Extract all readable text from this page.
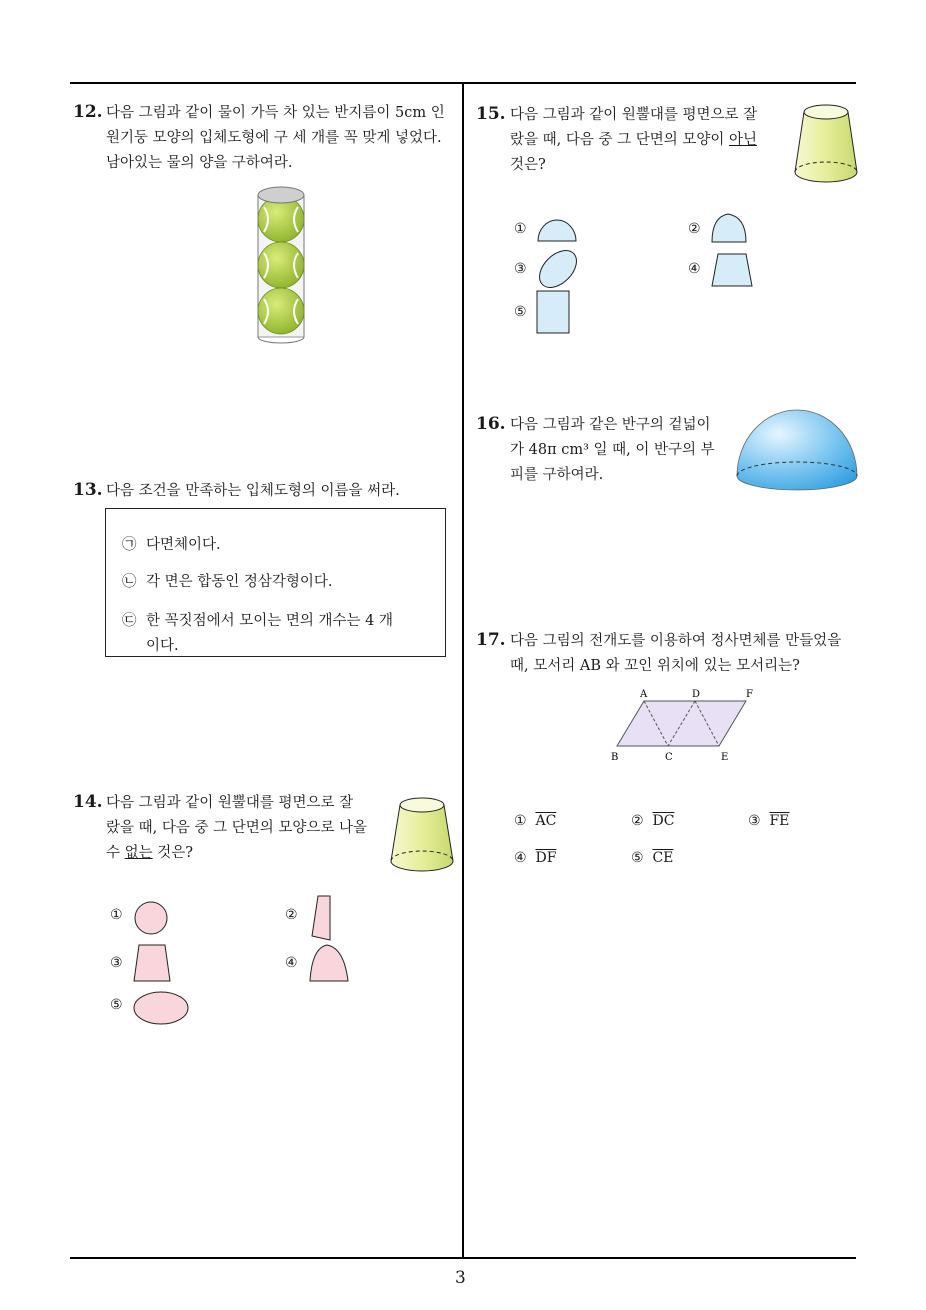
3
12. 다음 그림과 같이 물이 가득 차 있는 반지름이 5cm 인
원기둥 모양의 입체도형에 구 세 개를 꼭 맞게 넣었다.
남아있는 물의 양을 구하여라.
13. 다음 조건을 만족하는 입체도형의 이름을 써라.
㉠ 다면체이다.
㉡ 각 면은 합동인 정삼각형이다.
㉢ 한 꼭짓점에서 모이는 면의 개수는 4 개
이다.
14. 다음 그림과 같이 원뿔대를 평면으로 잘
랐을 때, 다음 중 그 단면의 모양으로 나올
수 없는 것은?
①	②
③	④
⑤
15. 다음 그림과 같이 원뿔대를 평면으로 잘
랐을 때, 다음 중 그 단면의 모양이 아닌
것은?
①	②
③	④
⑤
16. 다음 그림과 같은 반구의 겉넓이
가 48π cm³ 일 때, 이 반구의 부
피를 구하여라.
17. 다음 그림의 전개도를 이용하여 정사면체를 만들었을
때, 모서리 AB 와 꼬인 위치에 있는 모서리는?
A	D	F
B	C	E
① $\overline{AC}$	② $\overline{DC}$	③ $\overline{FE}$
④ $\overline{DF}$	⑤ $\overline{CE}$
